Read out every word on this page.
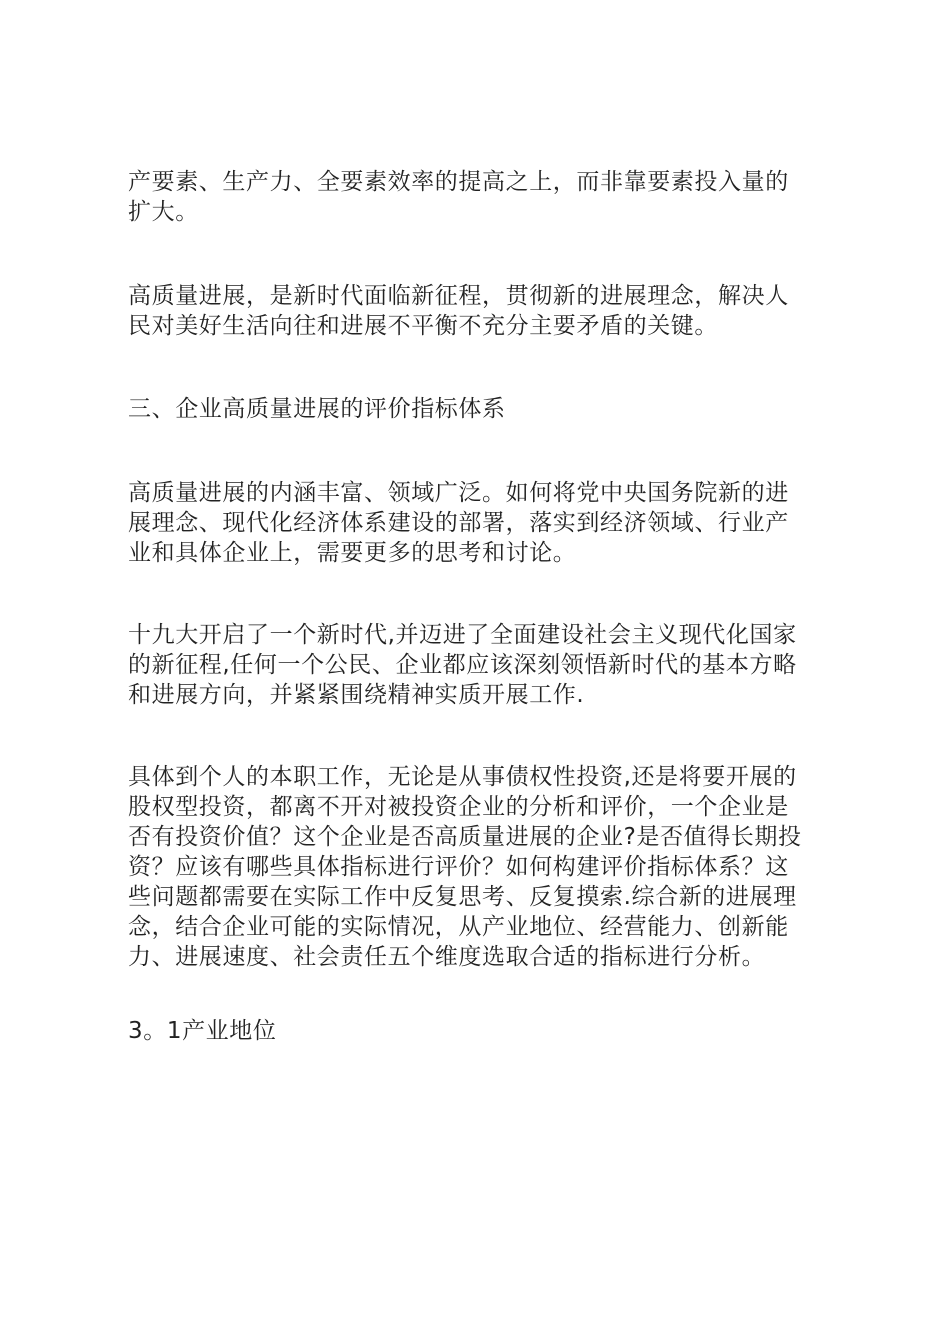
产要素、生产力、全要素效率的提高之上，而非靠要素投入量的
扩大。
高质量进展，是新时代面临新征程，贯彻新的进展理念，解决人
民对美好生活向往和进展不平衡不充分主要矛盾的关键。
三、企业高质量进展的评价指标体系
高质量进展的内涵丰富、领域广泛。如何将党中央国务院新的进
展理念、现代化经济体系建设的部署，落实到经济领域、行业产
业和具体企业上，需要更多的思考和讨论。
十九大开启了一个新时代,并迈进了全面建设社会主义现代化国家
的新征程,任何一个公民、企业都应该深刻领悟新时代的基本方略
和进展方向，并紧紧围绕精神实质开展工作.
具体到个人的本职工作，无论是从事债权性投资,还是将要开展的
股权型投资，都离不开对被投资企业的分析和评价，一个企业是
否有投资价值？这个企业是否高质量进展的企业?是否值得长期投
资？应该有哪些具体指标进行评价？如何构建评价指标体系？这
些问题都需要在实际工作中反复思考、反复摸索.综合新的进展理
念，结合企业可能的实际情况，从产业地位、经营能力、创新能
力、进展速度、社会责任五个维度选取合适的指标进行分析。
3。1产业地位
